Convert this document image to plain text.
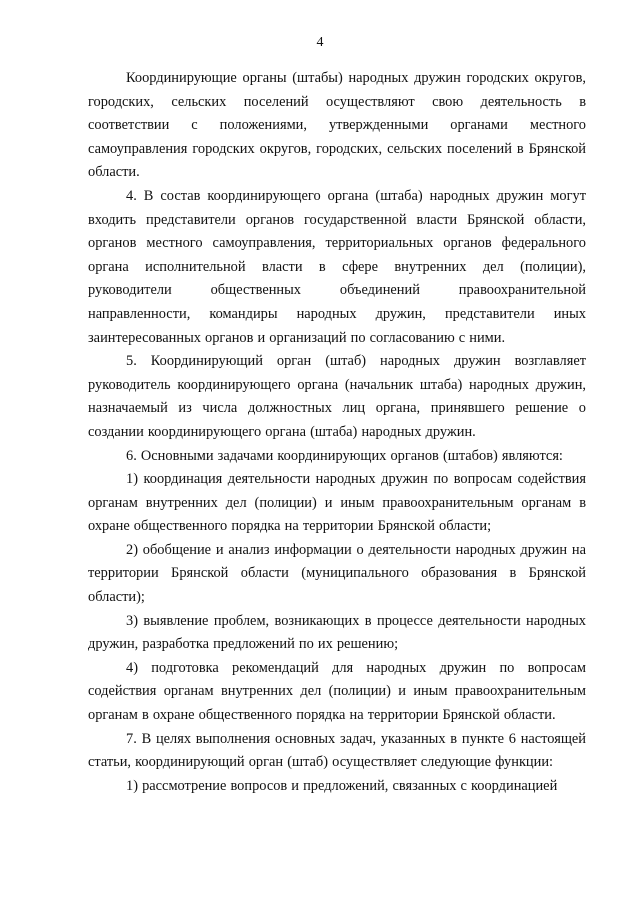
4

Координирующие органы (штабы) народных дружин городских округов, городских, сельских поселений осуществляют свою деятельность в соответствии с положениями, утвержденными органами местного самоуправления городских округов, городских, сельских поселений в Брянской области.

4. В состав координирующего органа (штаба) народных дружин могут входить представители органов государственной власти Брянской области, органов местного самоуправления, территориальных органов федерального органа исполнительной власти в сфере внутренних дел (полиции), руководители общественных объединений правоохранительной направленности, командиры народных дружин, представители иных заинтересованных органов и организаций по согласованию с ними.

5. Координирующий орган (штаб) народных дружин возглавляет руководитель координирующего органа (начальник штаба) народных дружин, назначаемый из числа должностных лиц органа, принявшего решение о создании координирующего органа (штаба) народных дружин.

6. Основными задачами координирующих органов (штабов) являются:

1) координация деятельности народных дружин по вопросам содействия органам внутренних дел (полиции) и иным правоохранительным органам в охране общественного порядка на территории Брянской области;

2) обобщение и анализ информации о деятельности народных дружин на территории Брянской области (муниципального образования в Брянской области);

3) выявление проблем, возникающих в процессе деятельности народных дружин, разработка предложений по их решению;

4) подготовка рекомендаций для народных дружин по вопросам содействия органам внутренних дел (полиции) и иным правоохранительным органам в охране общественного порядка на территории Брянской области.

7. В целях выполнения основных задач, указанных в пункте 6 настоящей статьи, координирующий орган (штаб) осуществляет следующие функции:

1) рассмотрение вопросов и предложений, связанных с координацией
